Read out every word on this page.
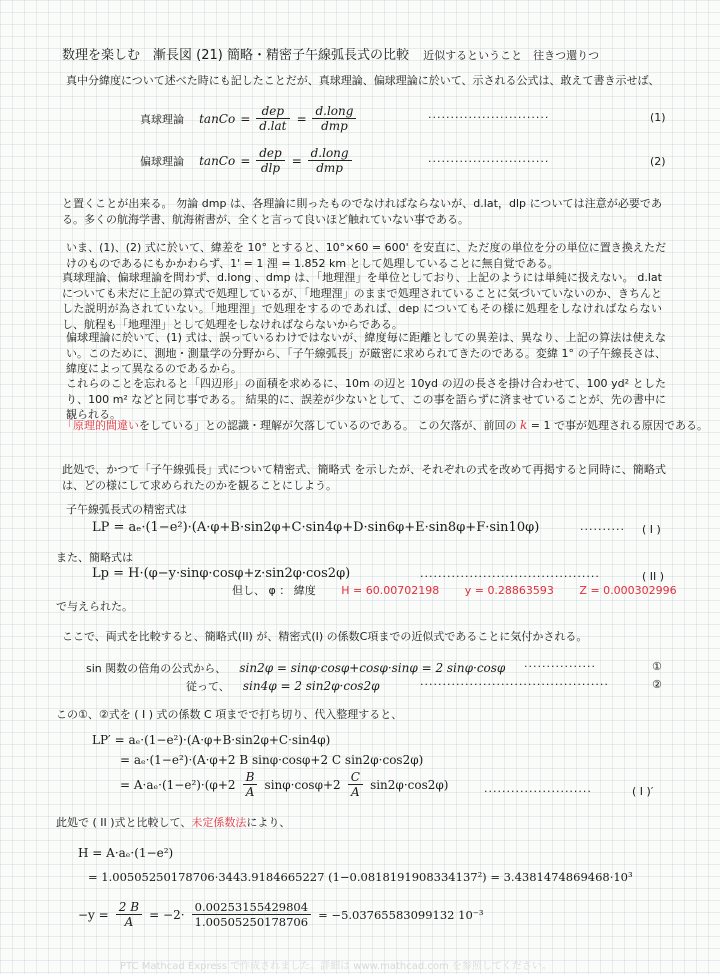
数理を楽しむ　漸長図 (21) 簡略・精密子午線弧長式の比較 近似するということ　往きつ還りつ
真中分緯度について述べた時にも記したことだが、真球理論、偏球理論に於いて、示される公式は、敢えて書き示せば、
真球理論 tanCo = $\frac{\text{dep}}{\text{d.lat}} = \frac{\text{d.long}}{\text{dmp}}$	···························	(1)
偏球理論 tanCo = $\frac{\text{dep}}{\text{dlp}} = \frac{\text{d.long}}{\text{dmp}}$	···························	(2)
と置くことが出来る。 勿論 dmp は、各理論に則ったものでなければならないが、d.lat，dlp については注意が必要である。多くの航海学書、航海術書が、全くと言って良いほど触れていない事である。
いま、(1)、(2) 式に於いて、緯差を 10° とすると、10°×60 = 600' を安直に、ただ度の単位を分の単位に置き換えただけのものであるにもかかわらず、1' = 1 浬 = 1.852 km として処理していることに無自覚である。
真球理論、偏球理論を問わず、d.long 、dmp は、「地理浬」を単位としており、上記のようには単純に扱えない。 d.lat についても未だに上記の算式で処理しているが、「地理浬」のままで処理されていることに気づいていないのか、きちんとした説明が為されていない。「地理浬」で処理をするのであれば、dep についてもその様に処理をしなければならないし、航程も「地理浬」として処理をしなければならないからである。
偏球理論に於いて、(1) 式は、誤っているわけではないが、緯度毎に距離としての異差は、異なり、上記の算法は使えない。このために、測地・測量学の分野から、「子午線弧長」が厳密に求められてきたのである。変緯 1° の子午線長さは、緯度によって異なるのであるから。
これらのことを忘れると「四辺形」の面積を求めるに、10m の辺と 10yd の辺の長さを掛け合わせて、100 yd² としたり、100 m² などと同じ事である。 結果的に、誤差が少ないとして、この事を語らずに済ませていることが、先の書中に観られる。
「原理的間違いをしている」との認識・理解が欠落しているのである。 この欠落が、前回の k = 1 で事が処理される原因である。
此処で、かつて「子午線弧長」式について精密式、簡略式 を示したが、それぞれの式を改めて再掲すると同時に、簡略式は、どの様にして求められたのかを観ることにしよう。
子午線弧長式の精密式は
LP = aₑ·(1−e²)·(A·φ+B·sin2φ+C·sin4φ+D·sin6φ+E·sin8φ+F·sin10φ)	·········· ( I )
また、簡略式は
Lp = H·(φ−y·sinφ·cosφ+z·sin2φ·cos2φ)	········································	( II )
但し、 φ ： 緯度 H = 60.00702198 y = 0.28863593 Z = 0.000302996
で与えられた。
ここで、両式を比較すると、簡略式(II) が、精密式(I) の係数C項までの近似式であることに気付かされる。
sin 関数の倍角の公式から、 sin2φ = sinφ·cosφ+cosφ·sinφ = 2 sinφ·cosφ ················	①
従って、 sin4φ = 2 sin2φ·cos2φ	··········································	②
この①、②式を ( I ) 式の係数 C 項までで打ち切り、代入整理すると、
LP′ = aₑ·(1−e²)·(A·φ+B·sin2φ+C·sin4φ)
= aₑ·(1−e²)·(A·φ+2 B sinφ·cosφ+2 C sin2φ·cos2φ)
= $A\cdot a_e\cdot(1-e^2)\cdot(\varphi+2 \frac{B}{A} \sin\varphi\cdot\cos\varphi+2 \frac{C}{A} \sin 2\varphi\cdot\cos 2\varphi)$	························	( I )′
此処で ( II )式と比較して、未定係数法により、
H = A·aₑ·(1−e²)
= 1.00505250178706·3443.9184665227 (1−0.0818191908334137²) = 3.4381474869468·10³
$-y = \frac{2 B}{A} = -2\cdot \frac{0.00253155429804}{1.00505250178706} = -5.03765583099132$ 10⁻³
PTC Mathcad Express で作成されました。詳細は www.mathcad.com を参照してください。
